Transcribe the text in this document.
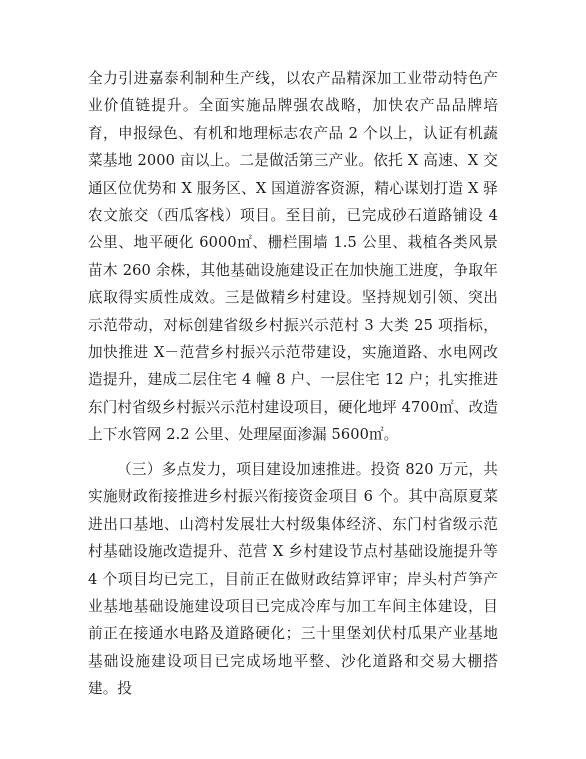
全力引进嘉泰利制种生产线，以农产品精深加工业带动特色产业价值链提升。全面实施品牌强农战略，加快农产品品牌培育，申报绿色、有机和地理标志农产品 2 个以上，认证有机蔬菜基地 2000 亩以上。二是做活第三产业。依托 X 高速、X 交通区位优势和 X 服务区、X 国道游客资源，精心谋划打造 X 驿农文旅交（西瓜客栈）项目。至目前，已完成砂石道路铺设 4 公里、地平硬化 6000㎡、栅栏围墙 1.5 公里、栽植各类风景苗木 260 余株，其他基础设施建设正在加快施工进度，争取年底取得实质性成效。三是做精乡村建设。坚持规划引领、突出示范带动，对标创建省级乡村振兴示范村 3 大类 25 项指标，加快推进 X－范营乡村振兴示范带建设，实施道路、水电网改造提升，建成二层住宅 4 幢 8 户、一层住宅 12 户；扎实推进东门村省级乡村振兴示范村建设项目，硬化地坪 4700㎡、改造上下水管网 2.2 公里、处理屋面渗漏 5600㎡。

（三）多点发力，项目建设加速推进。投资 820 万元，共实施财政衔接推进乡村振兴衔接资金项目 6 个。其中高原夏菜进出口基地、山湾村发展壮大村级集体经济、东门村省级示范村基础设施改造提升、范营 X 乡村建设节点村基础设施提升等 4 个项目均已完工，目前正在做财政结算评审；岸头村芦笋产业基地基础设施建设项目已完成冷库与加工车间主体建设，目前正在接通水电路及道路硬化；三十里堡刘伏村瓜果产业基地基础设施建设项目已完成场地平整、沙化道路和交易大棚搭建。投
